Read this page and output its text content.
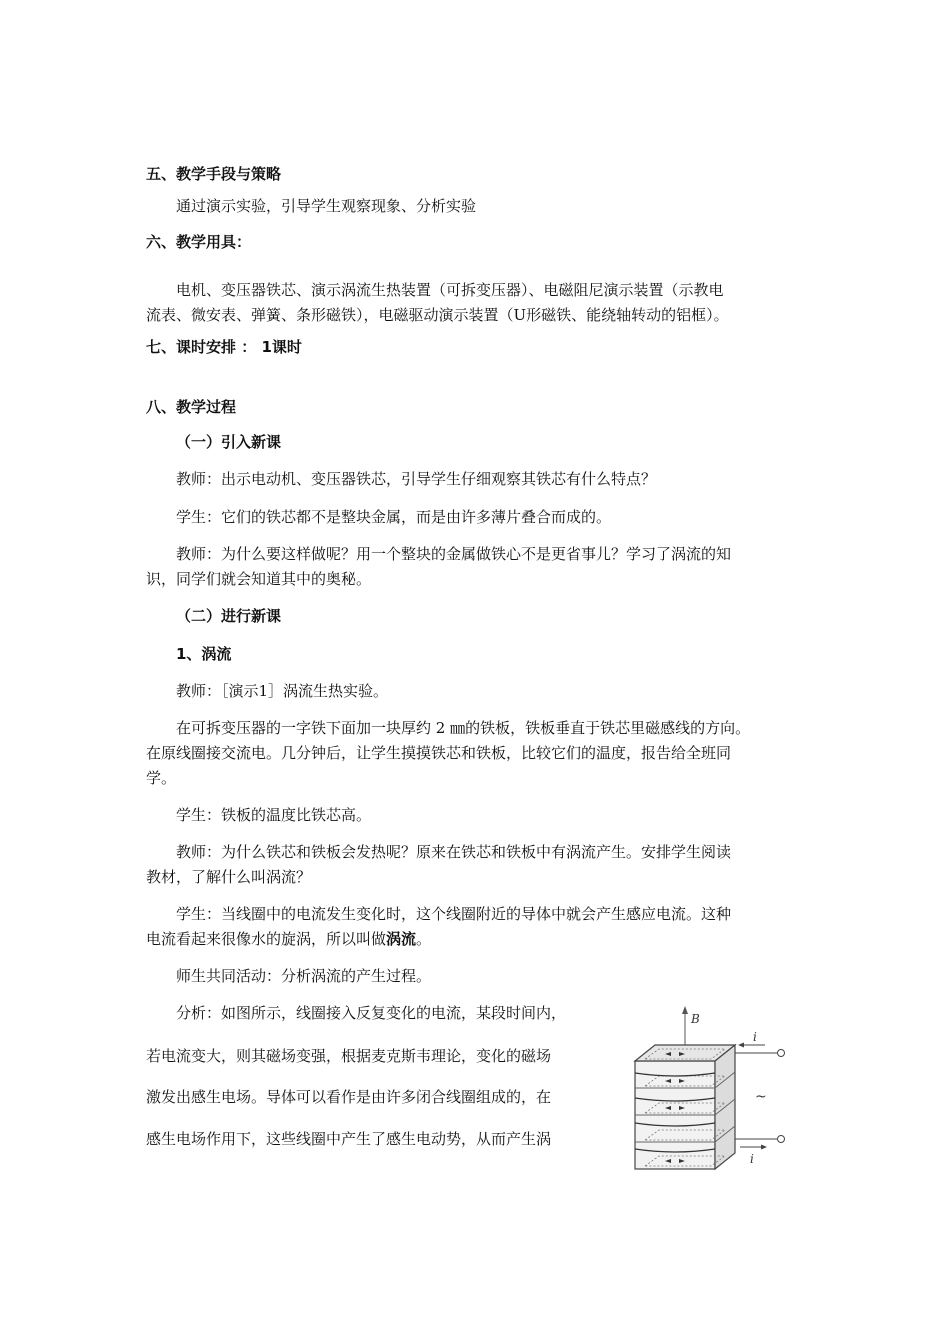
五、教学手段与策略
通过演示实验，引导学生观察现象、分析实验
六、教学用具：
电机、变压器铁芯、演示涡流生热装置（可拆变压器）、电磁阻尼演示装置（示教电
流表、微安表、弹簧、条形磁铁），电磁驱动演示装置（U形磁铁、能绕轴转动的铝框）。
七、课时安排 ： 1课时
八、教学过程
（一）引入新课
教师：出示电动机、变压器铁芯，引导学生仔细观察其铁芯有什么特点？
学生：它们的铁芯都不是整块金属，而是由许多薄片叠合而成的。
教师：为什么要这样做呢？用一个整块的金属做铁心不是更省事儿？学习了涡流的知
识，同学们就会知道其中的奥秘。
（二）进行新课
1、涡流
教师：［演示1］涡流生热实验。
在可拆变压器的一字铁下面加一块厚约 2 ㎜的铁板，铁板垂直于铁芯里磁感线的方向。
在原线圈接交流电。几分钟后，让学生摸摸铁芯和铁板，比较它们的温度，报告给全班同
学。
学生：铁板的温度比铁芯高。
教师：为什么铁芯和铁板会发热呢？原来在铁芯和铁板中有涡流产生。安排学生阅读
教材，了解什么叫涡流？
学生：当线圈中的电流发生变化时，这个线圈附近的导体中就会产生感应电流。这种
电流看起来很像水的旋涡，所以叫做涡流。
师生共同活动：分析涡流的产生过程。
分析：如图所示，线圈接入反复变化的电流，某段时间内，
若电流变大，则其磁场变强，根据麦克斯韦理论，变化的磁场
激发出感生电场。导体可以看作是由许多闭合线圈组成的，在
感生电场作用下，这些线圈中产生了感生电动势，从而产生涡
B
i
i
~
